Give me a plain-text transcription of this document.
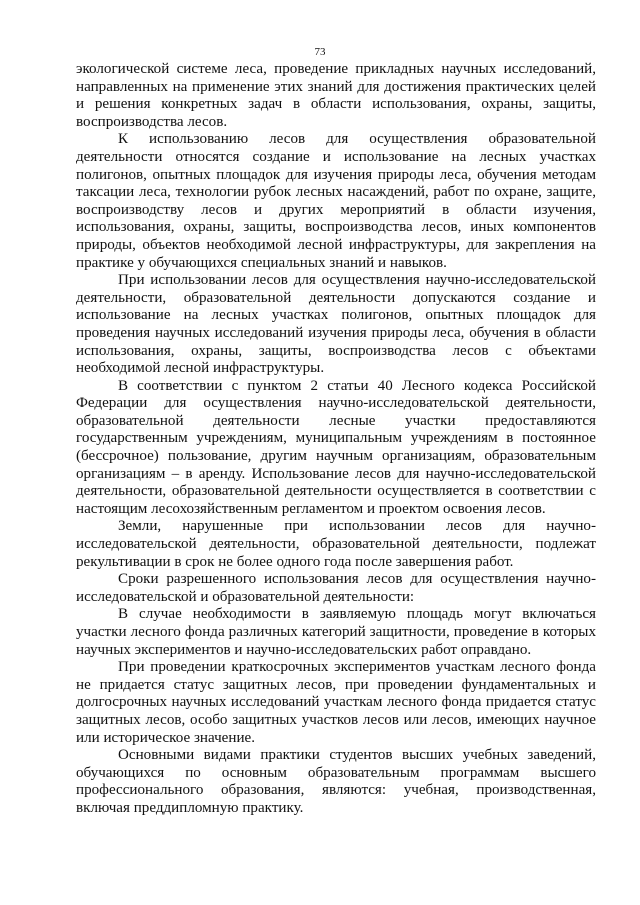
73

экологической системе леса, проведение прикладных научных исследований, направленных на применение этих знаний для достижения практических целей и решения конкретных задач в области использования, охраны, защиты, воспроизводства лесов.

К использованию лесов для осуществления образовательной деятельности относятся создание и использование на лесных участках полигонов, опытных площадок для изучения природы леса, обучения методам таксации леса, технологии рубок лесных насаждений, работ по охране, защите, воспроизводству лесов и других мероприятий в области изучения, использования, охраны, защиты, воспроизводства лесов, иных компонентов природы, объектов необходимой лесной инфраструктуры, для закрепления на практике у обучающихся специальных знаний и навыков.

При использовании лесов для осуществления научно-исследовательской деятельности, образовательной деятельности допускаются создание и использование на лесных участках полигонов, опытных площадок для проведения научных исследований изучения природы леса, обучения в области использования, охраны, защиты, воспроизводства лесов с объектами необходимой лесной инфраструктуры.

В соответствии с пунктом 2 статьи 40 Лесного кодекса Российской Федерации для осуществления научно-исследовательской деятельности, образовательной деятельности лесные участки предоставляются государственным учреждениям, муниципальным учреждениям в постоянное (бессрочное) пользование, другим научным организациям, образовательным организациям – в аренду. Использование лесов для научно-исследовательской деятельности, образовательной деятельности осуществляется в соответствии с настоящим лесохозяйственным регламентом и проектом освоения лесов.

Земли, нарушенные при использовании лесов для научно-исследовательской деятельности, образовательной деятельности, подлежат рекультивации в срок не более одного года после завершения работ.

Сроки разрешенного использования лесов для осуществления научно-исследовательской и образовательной деятельности:

В случае необходимости в заявляемую площадь могут включаться участки лесного фонда различных категорий защитности, проведение в которых научных экспериментов и научно-исследовательских работ оправдано.

При проведении краткосрочных экспериментов участкам лесного фонда не придается статус защитных лесов, при проведении фундаментальных и долгосрочных научных исследований участкам лесного фонда придается статус защитных лесов, особо защитных участков лесов или лесов, имеющих научное или историческое значение.

Основными видами практики студентов высших учебных заведений, обучающихся по основным образовательным программам высшего профессионального образования, являются: учебная, производственная, включая преддипломную практику.
